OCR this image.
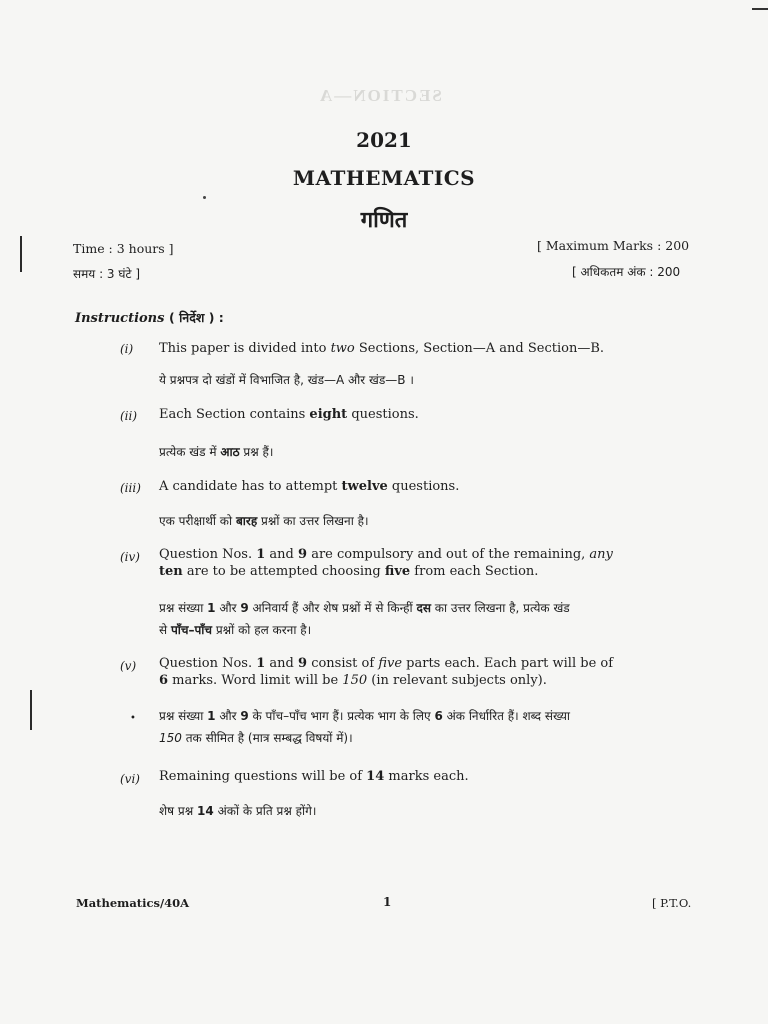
SECTION—A
2021
MATHEMATICS
गणित
Time : 3 hours ]
समय : 3 घंटे ]
[ Maximum Marks : 200
[ अधिकतम अंक : 200
Instructions ( निर्देश ) :
(i)	This paper is divided into two Sections, Section—A and Section—B.
ये प्रश्नपत्र दो खंडों में विभाजित है, खंड—A और खंड—B ।
(ii)	Each Section contains eight questions.
प्रत्येक खंड में आठ प्रश्न हैं।
(iii)	A candidate has to attempt twelve questions.
एक परीक्षार्थी को बारह प्रश्नों का उत्तर लिखना है।
(iv)	Question Nos. 1 and 9 are compulsory and out of the remaining, any
ten are to be attempted choosing five from each Section.
प्रश्न संख्या 1 और 9 अनिवार्य हैं और शेष प्रश्नों में से किन्हीं दस का उत्तर लिखना है, प्रत्येक खंड
से पाँच–पाँच प्रश्नों को हल करना है।
(v)	Question Nos. 1 and 9 consist of five parts each. Each part will be of
6 marks. Word limit will be 150 (in relevant subjects only).
• प्रश्न संख्या 1 और 9 के पाँच–पाँच भाग हैं। प्रत्येक भाग के लिए 6 अंक निर्धारित हैं। शब्द संख्या
150 तक सीमित है (मात्र सम्बद्ध विषयों में)।
(vi)	Remaining questions will be of 14 marks each.
शेष प्रश्न 14 अंकों के प्रति प्रश्न होंगे।
Mathematics/40A	1	[ P.T.O.
